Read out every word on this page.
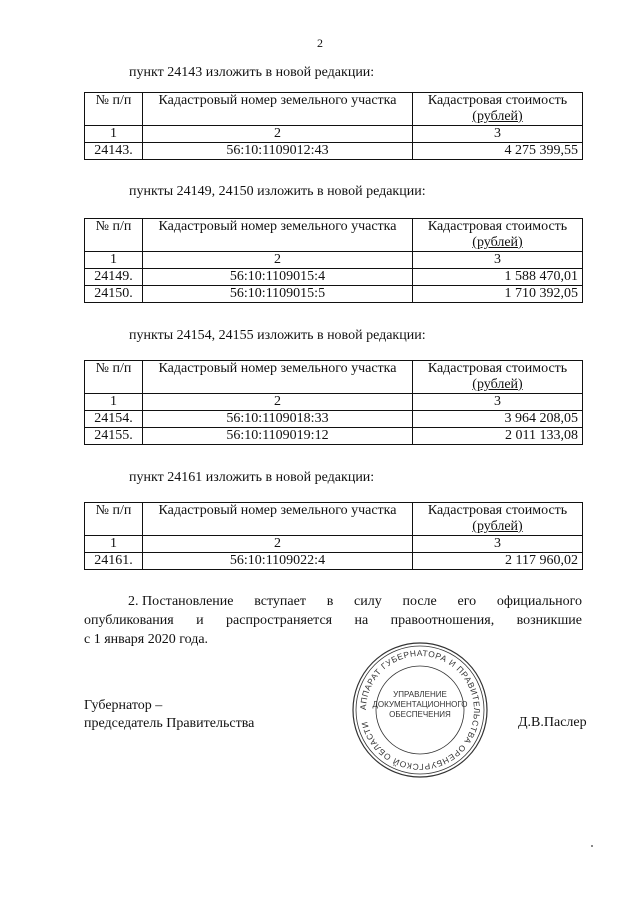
2
пункт 24143 изложить в новой редакции:
№ п/п	Кадастровый номер земельного участка	Кадастровая стоимость
(рублей)

1	2	3
24143.	56:10:1109012:43	4 275 399,55
пункты 24149, 24150 изложить в новой редакции:
№ п/п	Кадастровый номер земельного участка	Кадастровая стоимость
(рублей)

1	2	3
24149.	56:10:1109015:4	1 588 470,01
24150.	56:10:1109015:5	1 710 392,05
пункты 24154, 24155 изложить в новой редакции:
№ п/п	Кадастровый номер земельного участка	Кадастровая стоимость
(рублей)

1	2	3
24154.	56:10:1109018:33	3 964 208,05
24155.	56:10:1109019:12	2 011 133,08
пункт 24161 изложить в новой редакции:
№ п/п	Кадастровый номер земельного участка	Кадастровая стоимость
(рублей)

1	2	3
24161.	56:10:1109022:4	2 117 960,02
2. Постановление вступает в силу после его официального
опубликования и распространяется на правоотношения, возникшие
с 1 января 2020 года.
Губернатор –
председатель Правительства
АППАРАТ ГУБЕРНАТОРА И ПРАВИТЕЛЬСТВА ОРЕНБУРГСКОЙ ОБЛАСТИ
УПРАВЛЕНИЕ
ДОКУМЕНТАЦИОННОГО
ОБЕСПЕЧЕНИЯ
Д.В.Паслер
